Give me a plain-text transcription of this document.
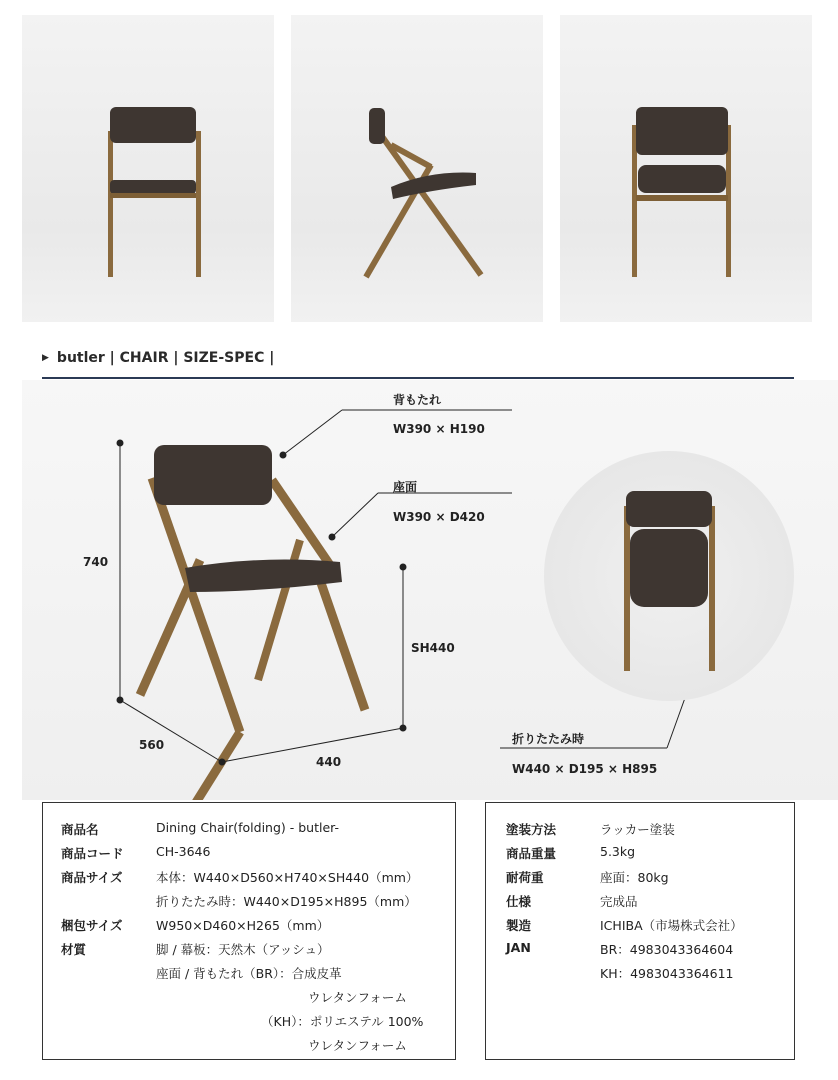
▶ butler | CHAIR | SIZE-SPEC |
背もたれ
W390 × H190
座面
W390 × D420
740
SH440
560
440
折りたたみ時
W440 × D195 × H895
商品名	Dining Chair(folding) - butler-
商品コード	CH-3646
商品サイズ	本体：W440×D560×H740×SH440（mm）
折りたたみ時：W440×D195×H895（mm）
梱包サイズ	W950×D460×H265（mm）
材質	脚 / 幕板：天然木（アッシュ）
座面 / 背もたれ（BR）：合成皮革
ウレタンフォーム
（KH）：ポリエステル 100%
ウレタンフォーム
塗装方法	ラッカー塗装
商品重量	5.3kg
耐荷重	座面：80kg
仕様	完成品
製造	ICHIBA（市場株式会社）
JAN	BR：4983043364604
KH：4983043364611
